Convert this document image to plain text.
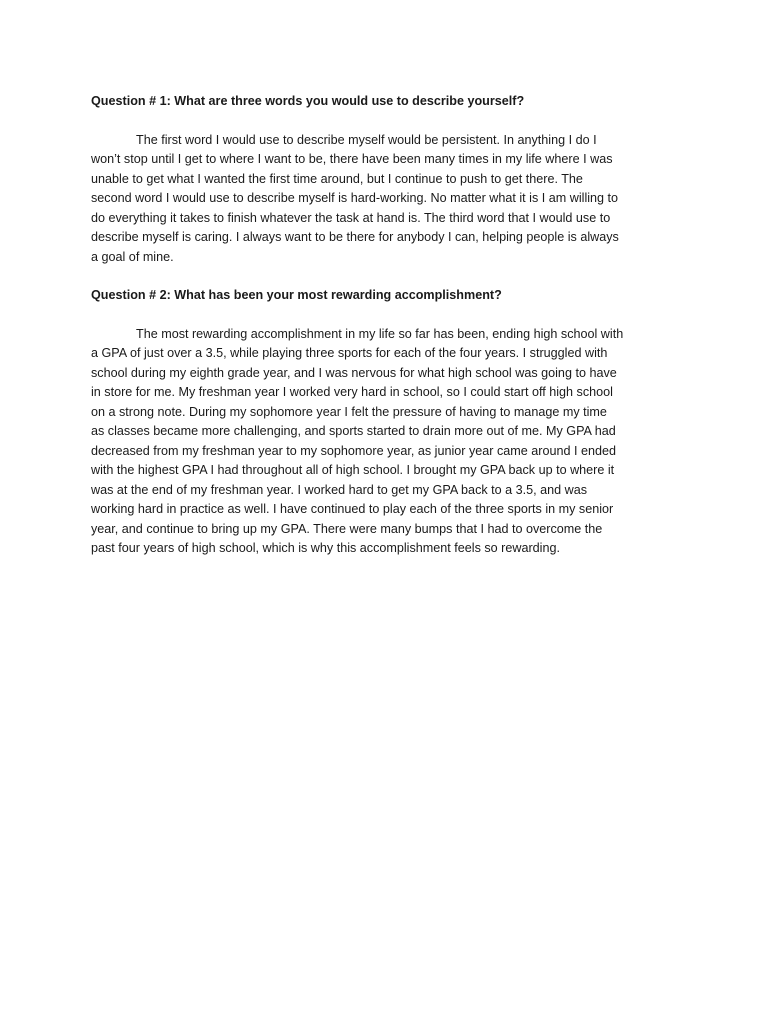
Question # 1: What are three words you would use to describe yourself?

The first word I would use to describe myself would be persistent. In anything I do I
won’t stop until I get to where I want to be, there have been many times in my life where I was
unable to get what I wanted the first time around, but I continue to push to get there. The
second word I would use to describe myself is hard-working. No matter what it is I am willing to
do everything it takes to finish whatever the task at hand is. The third word that I would use to
describe myself is caring. I always want to be there for anybody I can, helping people is always
a goal of mine.

Question # 2: What has been your most rewarding accomplishment?

The most rewarding accomplishment in my life so far has been, ending high school with
a GPA of just over a 3.5, while playing three sports for each of the four years. I struggled with
school during my eighth grade year, and I was nervous for what high school was going to have
in store for me. My freshman year I worked very hard in school, so I could start off high school
on a strong note. During my sophomore year I felt the pressure of having to manage my time
as classes became more challenging, and sports started to drain more out of me. My GPA had
decreased from my freshman year to my sophomore year, as junior year came around I ended
with the highest GPA I had throughout all of high school. I brought my GPA back up to where it
was at the end of my freshman year. I worked hard to get my GPA back to a 3.5, and was
working hard in practice as well. I have continued to play each of the three sports in my senior
year, and continue to bring up my GPA. There were many bumps that I had to overcome the
past four years of high school, which is why this accomplishment feels so rewarding.
